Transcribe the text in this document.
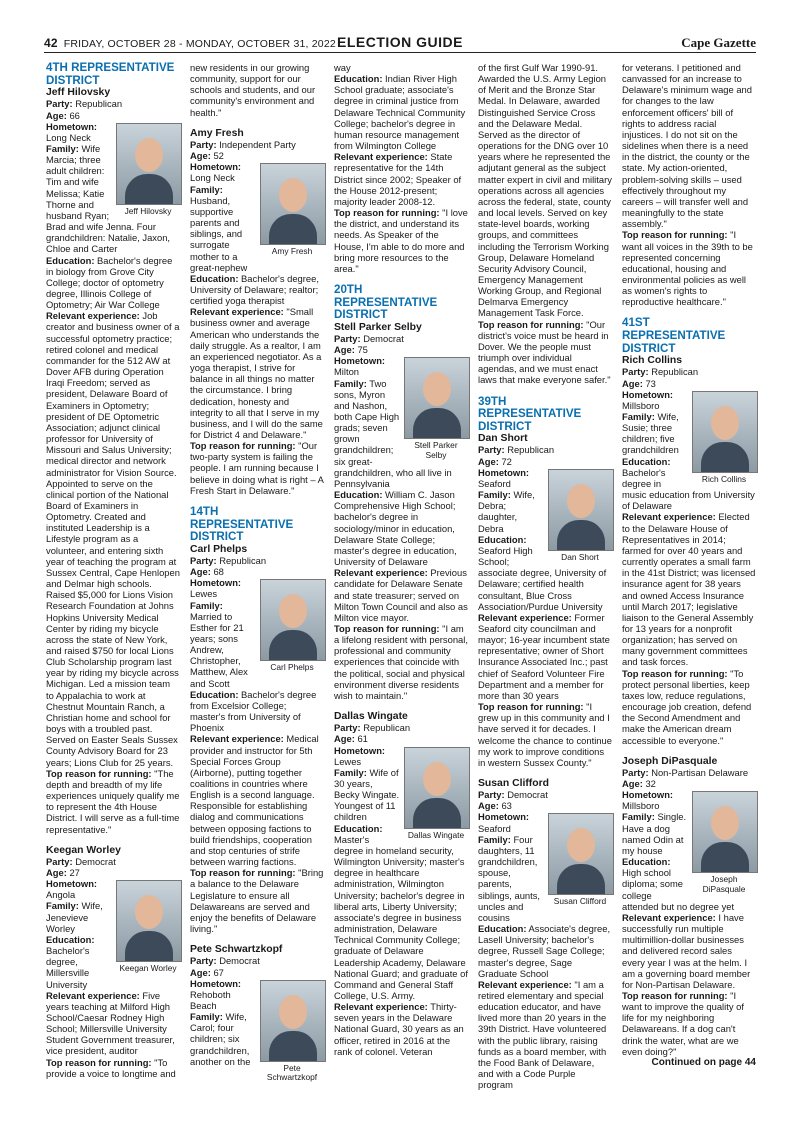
42 FRIDAY, OCTOBER 28 - MONDAY, OCTOBER 31, 2022 ELECTION GUIDE	Cape Gazette

4TH REPRESENTATIVE DISTRICT

Jeff Hilovsky

Party: Republican

Age: 66

Jeff Hilovsky

Hometown: Long Neck

Family: Wife Marcia; three adult children: Tim and wife Melissa; Katie Thorne and husband Ryan; Brad and wife Jenna. Four grandchildren: Natalie, Jaxon, Chloe and Carter

Education: Bachelor's degree in biology from Grove City College; doctor of optometry degree, Illinois College of Optometry; Air War College

Relevant experience: Job creator and business owner of a successful optometry practice; retired colonel and medical commander for the 512 AW at Dover AFB during Operation Iraqi Freedom; served as president, Delaware Board of Examiners in Optometry; president of DE Optometric Association; adjunct clinical professor for University of Missouri and Salus University; medical director and network administrator for Vision Source. Appointed to serve on the clinical portion of the National Board of Examiners in Optometry. Created and instituted Leadership is a Lifestyle program as a volunteer, and entering sixth year of teaching the program at Sussex Central, Cape Henlopen and Delmar high schools. Raised $5,000 for Lions Vision Research Foundation at Johns Hopkins University Medical Center by riding my bicycle across the state of New York, and raised $750 for local Lions Club Scholarship program last year by riding my bicycle across Michigan. Led a mission team to Appalachia to work at Chestnut Mountain Ranch, a Christian home and school for boys with a troubled past. Served on Easter Seals Sussex County Advisory Board for 23 years; Lions Club for 25 years.

Top reason for running: "The depth and breadth of my life experiences uniquely qualify me to represent the 4th House District. I will serve as a full-time representative."

Keegan Worley

Party: Democrat

Age: 27

Keegan Worley

Hometown: Angola

Family: Wife, Jenevieve Worley

Education: Bachelor's degree, Millersville University

Relevant experience: Five years teaching at Milford High School/Caesar Rodney High School; Millersville University Student Government treasurer, vice president, auditor

Top reason for running: "To provide a voice to longtime and

new residents in our growing community, support for our schools and students, and our community's environment and health."

Amy Fresh

Party: Independent Party

Age: 52

Amy Fresh

Hometown: Long Neck

Family: Husband, supportive parents and siblings, and surrogate mother to a great-nephew

Education: Bachelor's degree, University of Delaware; realtor; certified yoga therapist

Relevant experience: "Small business owner and average American who understands the daily struggle. As a realtor, I am an experienced negotiator. As a yoga therapist, I strive for balance in all things no matter the circumstance. I bring dedication, honesty and integrity to all that I serve in my business, and I will do the same for District 4 and Delaware."

Top reason for running: "Our two-party system is failing the people. I am running because I believe in doing what is right – A Fresh Start in Delaware."

14TH REPRESENTATIVE DISTRICT

Carl Phelps

Party: Republican

Age: 68

Carl Phelps

Hometown: Lewes

Family: Married to Esther for 21 years; sons Andrew, Christopher, Matthew, Alex and Scott

Education: Bachelor's degree from Excelsior College; master's from University of Phoenix

Relevant experience: Medical provider and instructor for 5th Special Forces Group (Airborne), putting together coalitions in countries where English is a second language. Responsible for establishing dialog and communications between opposing factions to build friendships, cooperation and stop centuries of strife between warring factions.

Top reason for running: "Bring a balance to the Delaware Legislature to ensure all Delawareans are served and enjoy the benefits of Delaware living."

Pete Schwartzkopf

Party: Democrat

Age: 67

Pete Schwartzkopf

Hometown: Rehoboth Beach

Family: Wife, Carol; four children; six grandchildren, another on the

way

Education: Indian River High School graduate; associate's degree in criminal justice from Delaware Technical Community College; bachelor's degree in human resource management from Wilmington College

Relevant experience: State representative for the 14th District since 2002; Speaker of the House 2012-present; majority leader 2008-12.

Top reason for running: "I love the district, and understand its needs. As Speaker of the House, I'm able to do more and bring more resources to the area."

20TH REPRESENTATIVE DISTRICT

Stell Parker Selby

Party: Democrat

Age: 75

Stell Parker Selby

Hometown: Milton

Family: Two sons, Myron and Nashon, both Cape High grads; seven grown grandchildren; six great-grandchildren, who all live in Pennsylvania

Education: William C. Jason Comprehensive High School; bachelor's degree in sociology/minor in education, Delaware State College; master's degree in education, University of Delaware

Relevant experience: Previous candidate for Delaware Senate and state treasurer; served on Milton Town Council and also as Milton vice mayor.

Top reason for running: "I am a lifelong resident with personal, professional and community experiences that coincide with the political, social and physical environment diverse residents wish to maintain."

Dallas Wingate

Party: Republican

Age: 61

Dallas Wingate

Hometown: Lewes

Family: Wife of 30 years, Becky Wingate. Youngest of 11 children

Education: Master's degree in homeland security, Wilmington University; master's degree in healthcare administration, Wilmington University; bachelor's degree in liberal arts, Liberty University; associate's degree in business administration, Delaware Technical Community College; graduate of Delaware Leadership Academy, Delaware National Guard; and graduate of Command and General Staff College, U.S. Army.

Relevant experience: Thirty-seven years in the Delaware National Guard, 30 years as an officer, retired in 2016 at the rank of colonel. Veteran

of the first Gulf War 1990-91. Awarded the U.S. Army Legion of Merit and the Bronze Star Medal. In Delaware, awarded Distinguished Service Cross and the Delaware Medal. Served as the director of operations for the DNG over 10 years where he represented the adjutant general as the subject matter expert in civil and military operations across all agencies across the federal, state, county and local levels. Served on key state-level boards, working groups, and committees including the Terrorism Working Group, Delaware Homeland Security Advisory Council, Emergency Management Working Group, and Regional Delmarva Emergency Management Task Force.

Top reason for running: "Our district's voice must be heard in Dover. We the people must triumph over individual agendas, and we must enact laws that make everyone safer."

39TH REPRESENTATIVE DISTRICT

Dan Short

Party: Republican

Age: 72

Dan Short

Hometown: Seaford

Family: Wife, Debra; daughter, Debra

Education: Seaford High School; associate degree, University of Delaware; certified health consultant, Blue Cross Association/Purdue University

Relevant experience: Former Seaford city councilman and mayor; 16-year incumbent state representative; owner of Short Insurance Associated Inc.; past chief of Seaford Volunteer Fire Department and a member for more than 30 years

Top reason for running: "I grew up in this community and I have served it for decades. I welcome the chance to continue my work to improve conditions in western Sussex County."

Susan Clifford

Party: Democrat

Age: 63

Susan Clifford

Hometown: Seaford

Family: Four daughters, 11 grandchildren, spouse, parents, siblings, aunts, uncles and cousins

Education: Associate's degree, Lasell University; bachelor's degree, Russell Sage College; master's degree, Sage Graduate School

Relevant experience: "I am a retired elementary and special education educator, and have lived more than 20 years in the 39th District. Have volunteered with the public library, raising funds as a board member, with the Food Bank of Delaware, and with a Code Purple program

for veterans. I petitioned and canvassed for an increase to Delaware's minimum wage and for changes to the law enforcement officers' bill of rights to address racial injustices. I do not sit on the sidelines when there is a need in the district, the county or the state. My action-oriented, problem-solving skills – used effectively throughout my careers – will transfer well and meaningfully to the state assembly."

Top reason for running: "I want all voices in the 39th to be represented concerning educational, housing and environmental policies as well as women's rights to reproductive healthcare."

41ST REPRESENTATIVE DISTRICT

Rich Collins

Party: Republican

Age: 73

Rich Collins

Hometown: Millsboro

Family: Wife, Susie; three children; five grandchildren

Education: Bachelor's degree in music education from University of Delaware

Relevant experience: Elected to the Delaware House of Representatives in 2014; farmed for over 40 years and currently operates a small farm in the 41st District; was licensed insurance agent for 38 years and owned Access Insurance until March 2017; legislative liaison to the General Assembly for 13 years for a nonprofit organization; has served on many government committees and task forces.

Top reason for running: "To protect personal liberties, keep taxes low, reduce regulations, encourage job creation, defend the Second Amendment and make the American dream accessible to everyone."

Joseph DiPasquale

Party: Non-Partisan Delaware

Age: 32

Joseph DiPasquale

Hometown: Millsboro

Family: Single. Have a dog named Odin at my house

Education: High school diploma; some college attended but no degree yet

Relevant experience: I have successfully run multiple multimillion-dollar businesses and delivered record sales every year I was at the helm. I am a governing board member for Non-Partisan Delaware.

Top reason for running: "I want to improve the quality of life for my neighboring Delawareans. If a dog can't drink the water, what are we even doing?"

Continued on page 44
